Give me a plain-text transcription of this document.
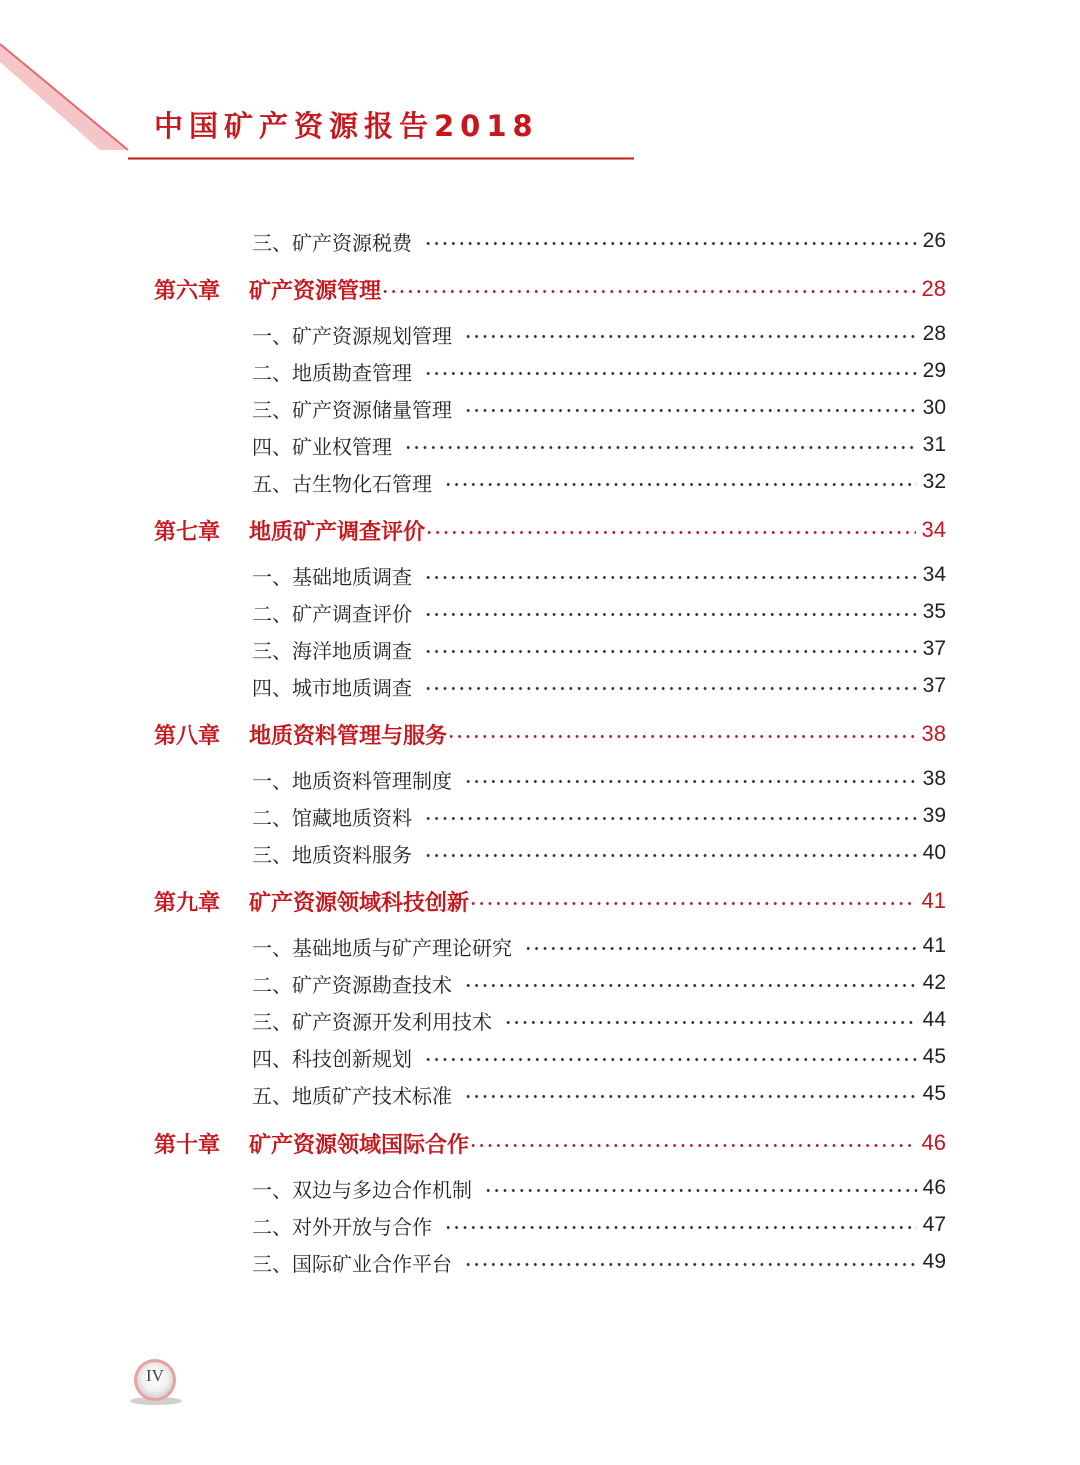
中国矿产资源报告2018
三、矿产资源税费	26
第六章	矿产资源管理	28
一、矿产资源规划管理	28
二、地质勘查管理	29
三、矿产资源储量管理	30
四、矿业权管理	31
五、古生物化石管理	32
第七章	地质矿产调查评价	34
一、基础地质调查	34
二、矿产调查评价	35
三、海洋地质调查	37
四、城市地质调查	37
第八章	地质资料管理与服务	38
一、地质资料管理制度	38
二、馆藏地质资料	39
三、地质资料服务	40
第九章	矿产资源领域科技创新	41
一、基础地质与矿产理论研究	41
二、矿产资源勘查技术	42
三、矿产资源开发利用技术	44
四、科技创新规划	45
五、地质矿产技术标准	45
第十章	矿产资源领域国际合作	46
一、双边与多边合作机制	46
二、对外开放与合作	47
三、国际矿业合作平台	49
IV
